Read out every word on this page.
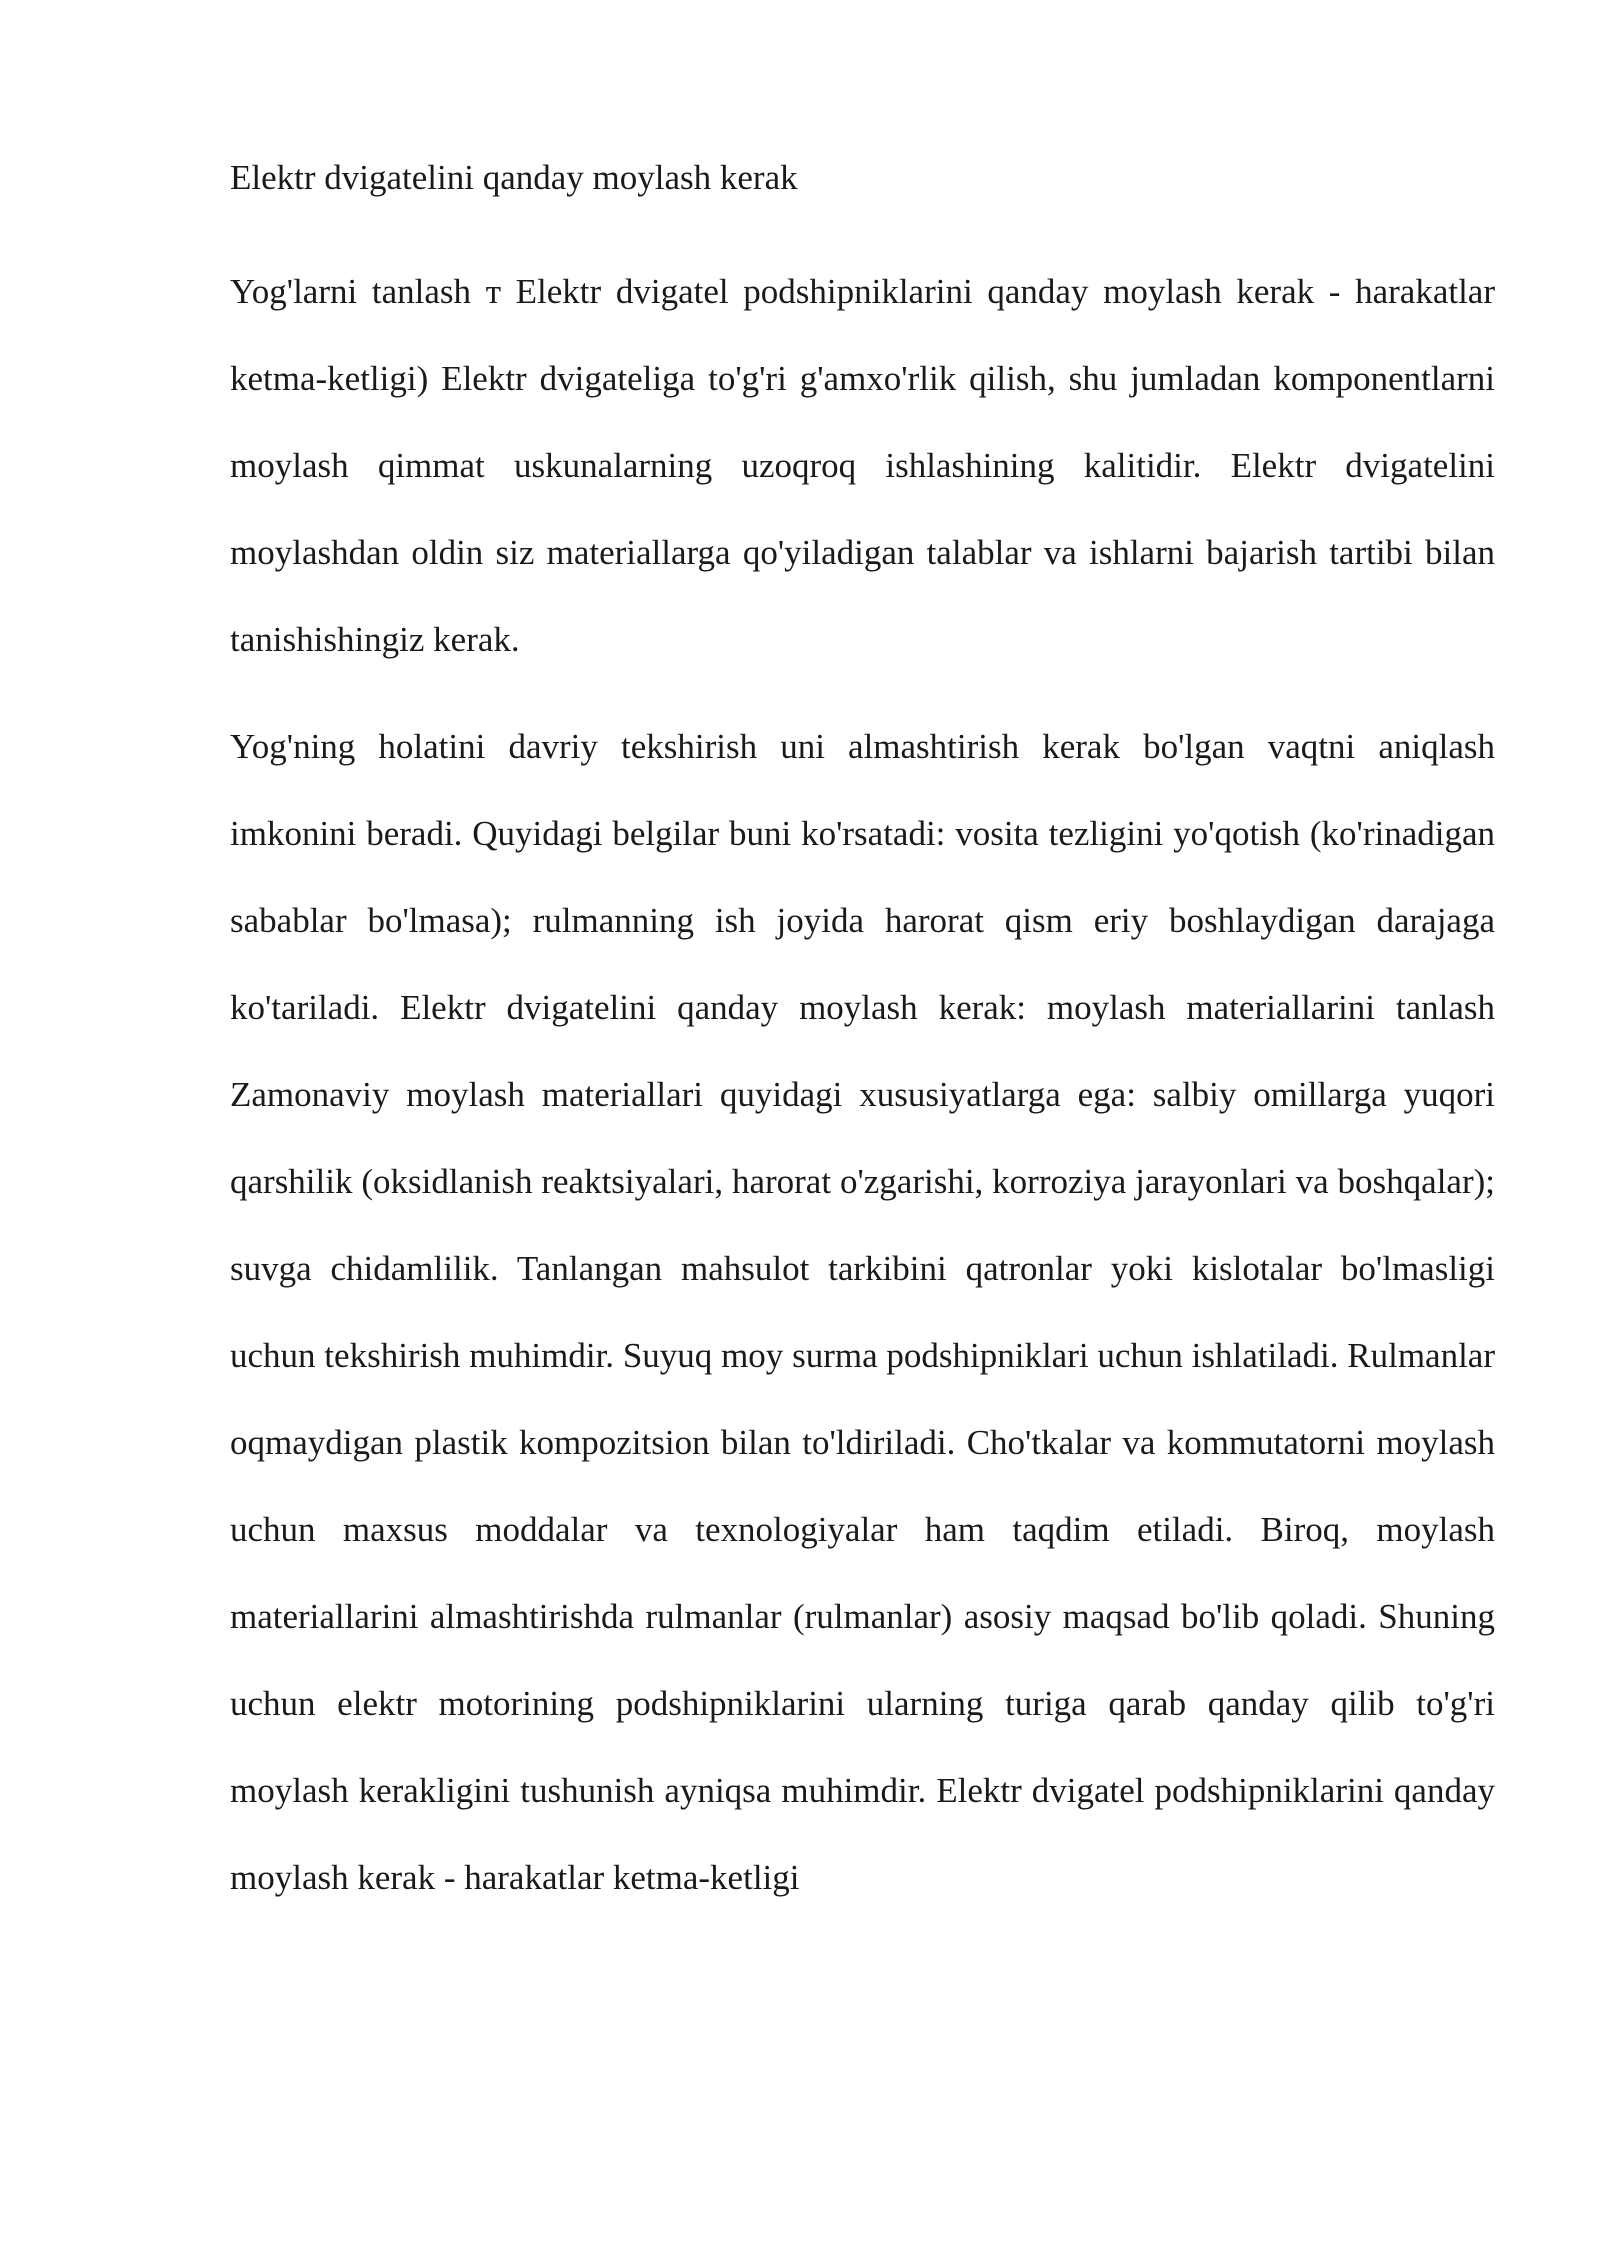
Elektr dvigatelini qanday moylash kerak

Yog'larni tanlash т Elektr dvigatel podshipniklarini qanday moylash kerak - harakatlar ketma-ketligi) Elektr dvigateliga to'g'ri g'amxo'rlik qilish, shu jumladan komponentlarni moylash qimmat uskunalarning uzoqroq ishlashining kalitidir. Elektr dvigatelini moylashdan oldin siz materiallarga qo'yiladigan talablar va ishlarni bajarish tartibi bilan tanishishingiz kerak.

Yog'ning holatini davriy tekshirish uni almashtirish kerak bo'lgan vaqtni aniqlash imkonini beradi. Quyidagi belgilar buni ko'rsatadi: vosita tezligini yo'qotish (ko'rinadigan sabablar bo'lmasa); rulmanning ish joyida harorat qism eriy boshlaydigan darajaga ko'tariladi. Elektr dvigatelini qanday moylash kerak: moylash materiallarini tanlash Zamonaviy moylash materiallari quyidagi xususiyatlarga ega: salbiy omillarga yuqori qarshilik (oksidlanish reaktsiyalari, harorat o'zgarishi, korroziya jarayonlari va boshqalar); suvga chidamlilik. Tanlangan mahsulot tarkibini qatronlar yoki kislotalar bo'lmasligi uchun tekshirish muhimdir. Suyuq moy surma podshipniklari uchun ishlatiladi. Rulmanlar oqmaydigan plastik kompozitsion bilan to'ldiriladi. Cho'tkalar va kommutatorni moylash uchun maxsus moddalar va texnologiyalar ham taqdim etiladi. Biroq, moylash materiallarini almashtirishda rulmanlar (rulmanlar) asosiy maqsad bo'lib qoladi. Shuning uchun elektr motorining podshipniklarini ularning turiga qarab qanday qilib to'g'ri moylash kerakligini tushunish ayniqsa muhimdir. Elektr dvigatel podshipniklarini qanday moylash kerak - harakatlar ketma-ketligi
